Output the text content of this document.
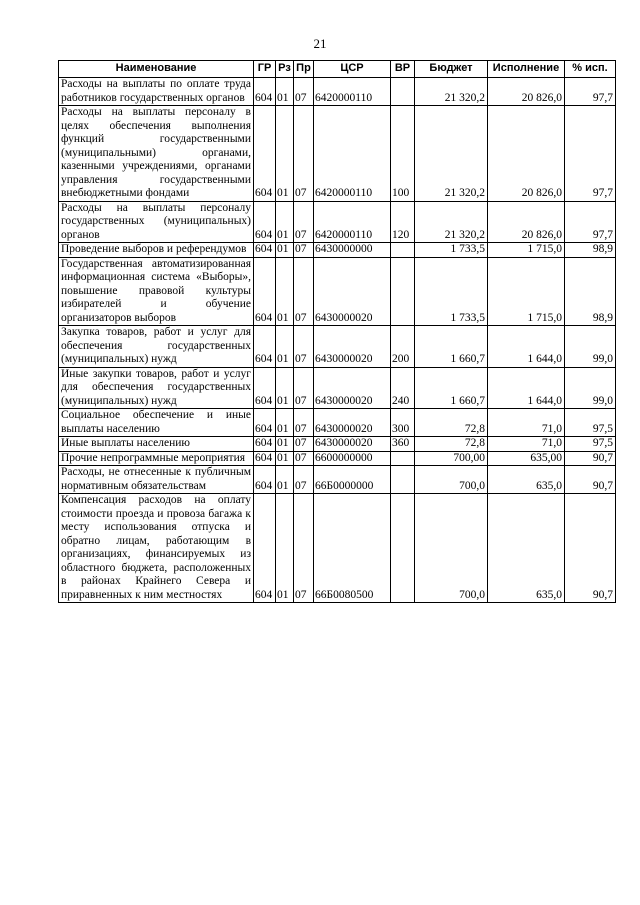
21
Наименование	ГР	Рз	Пр	ЦСР	ВР	Бюджет	Исполнение	% исп.
Расходы на выплаты по оплате труда работников государственных органов	604	01	07	6420000110		21 320,2	20 826,0	97,7
Расходы на выплаты персоналу в целях обеспечения выполнения функций государственными (муниципальными) органами, казенными учреждениями, органами управления государственными внебюджетными фондами	604	01	07	6420000110	100	21 320,2	20 826,0	97,7
Расходы на выплаты персоналу государственных (муниципальных) органов	604	01	07	6420000110	120	21 320,2	20 826,0	97,7
Проведение выборов и референдумов	604	01	07	6430000000		1 733,5	1 715,0	98,9
Государственная автоматизированная информационная система «Выборы», повышение правовой культуры избирателей и обучение организаторов выборов	604	01	07	6430000020		1 733,5	1 715,0	98,9
Закупка товаров, работ и услуг для обеспечения государственных (муниципальных) нужд	604	01	07	6430000020	200	1 660,7	1 644,0	99,0
Иные закупки товаров, работ и услуг для обеспечения государственных (муниципальных) нужд	604	01	07	6430000020	240	1 660,7	1 644,0	99,0
Социальное обеспечение и иные выплаты населению	604	01	07	6430000020	300	72,8	71,0	97,5
Иные выплаты населению	604	01	07	6430000020	360	72,8	71,0	97,5
Прочие непрограммные мероприятия	604	01	07	6600000000		700,00	635,00	90,7
Расходы, не отнесенные к публичным нормативным обязательствам	604	01	07	66Б0000000		700,0	635,0	90,7
Компенсация расходов на оплату стоимости проезда и провоза багажа к месту использования отпуска и обратно лицам, работающим в организациях, финансируемых из областного бюджета, расположенных в районах Крайнего Севера и приравненных к ним местностях	604	01	07	66Б0080500		700,0	635,0	90,7
